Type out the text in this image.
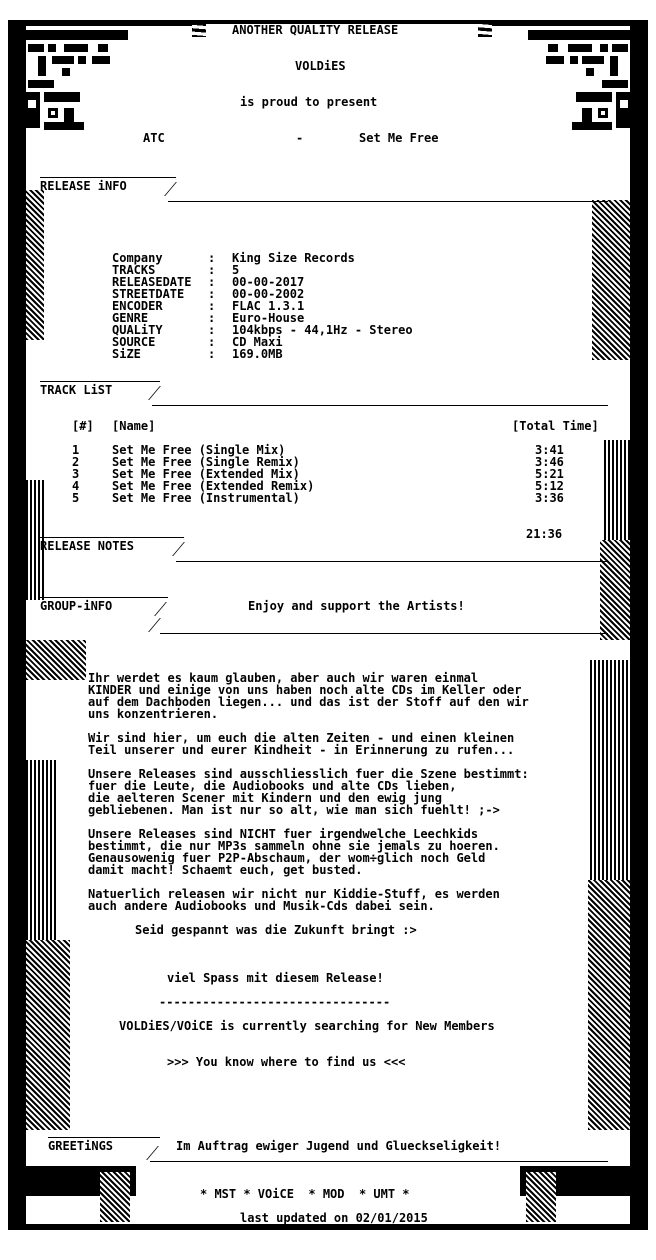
ANOTHER QUALITY RELEASE
VOLDiES
is proud to present
ATC	-	Set Me Free
RELEASE iNFO
Company	: King Size Records
TRACKS	: 5
RELEASEDATE : 00-00-2017
STREETDATE : 00-00-2002
ENCODER	: FLAC 1.3.1
GENRE	: Euro-House
QUALiTY	: 104kbps - 44,1Hz - Stereo
SOURCE	: CD Maxi
SiZE	: 169.0MB
TRACK LiST
[#] [Name]	[Total Time]
1	Set Me Free (Single Mix)	3:41
2	Set Me Free (Single Remix)	3:46
3	Set Me Free (Extended Mix)	5:21
4	Set Me Free (Extended Remix)	5:12
5	Set Me Free (Instrumental)	3:36
21:36
RELEASE NOTES
GROUP-iNFO	Enjoy and support the Artists!
Ihr werdet es kaum glauben, aber auch wir waren einmal
KINDER und einige von uns haben noch alte CDs im Keller oder
auf dem Dachboden liegen... und das ist der Stoff auf den wir
uns konzentrieren.
Wir sind hier, um euch die alten Zeiten - und einen kleinen
Teil unserer und eurer Kindheit - in Erinnerung zu rufen...
Unsere Releases sind ausschliesslich fuer die Szene bestimmt:
fuer die Leute, die Audiobooks und alte CDs lieben,
die aelteren Scener mit Kindern und den ewig jung
gebliebenen. Man ist nur so alt, wie man sich fuehlt! ;->
Unsere Releases sind NICHT fuer irgendwelche Leechkids
bestimmt, die nur MP3s sammeln ohne sie jemals zu hoeren.
Genausowenig fuer P2P-Abschaum, der wom÷glich noch Geld
damit macht! Schaemt euch, get busted.
Natuerlich releasen wir nicht nur Kiddie-Stuff, es werden
auch andere Audiobooks und Musik-Cds dabei sein.
Seid gespannt was die Zukunft bringt :>
viel Spass mit diesem Release!
--------------------------------
VOLDiES/VOiCE is currently searching for New Members
>>> You know where to find us <<<
GREETiNGS	Im Auftrag ewiger Jugend und Glueckseligkeit!
* MST * VOiCE  * MOD  * UMT *
last updated on 02/01/2015
